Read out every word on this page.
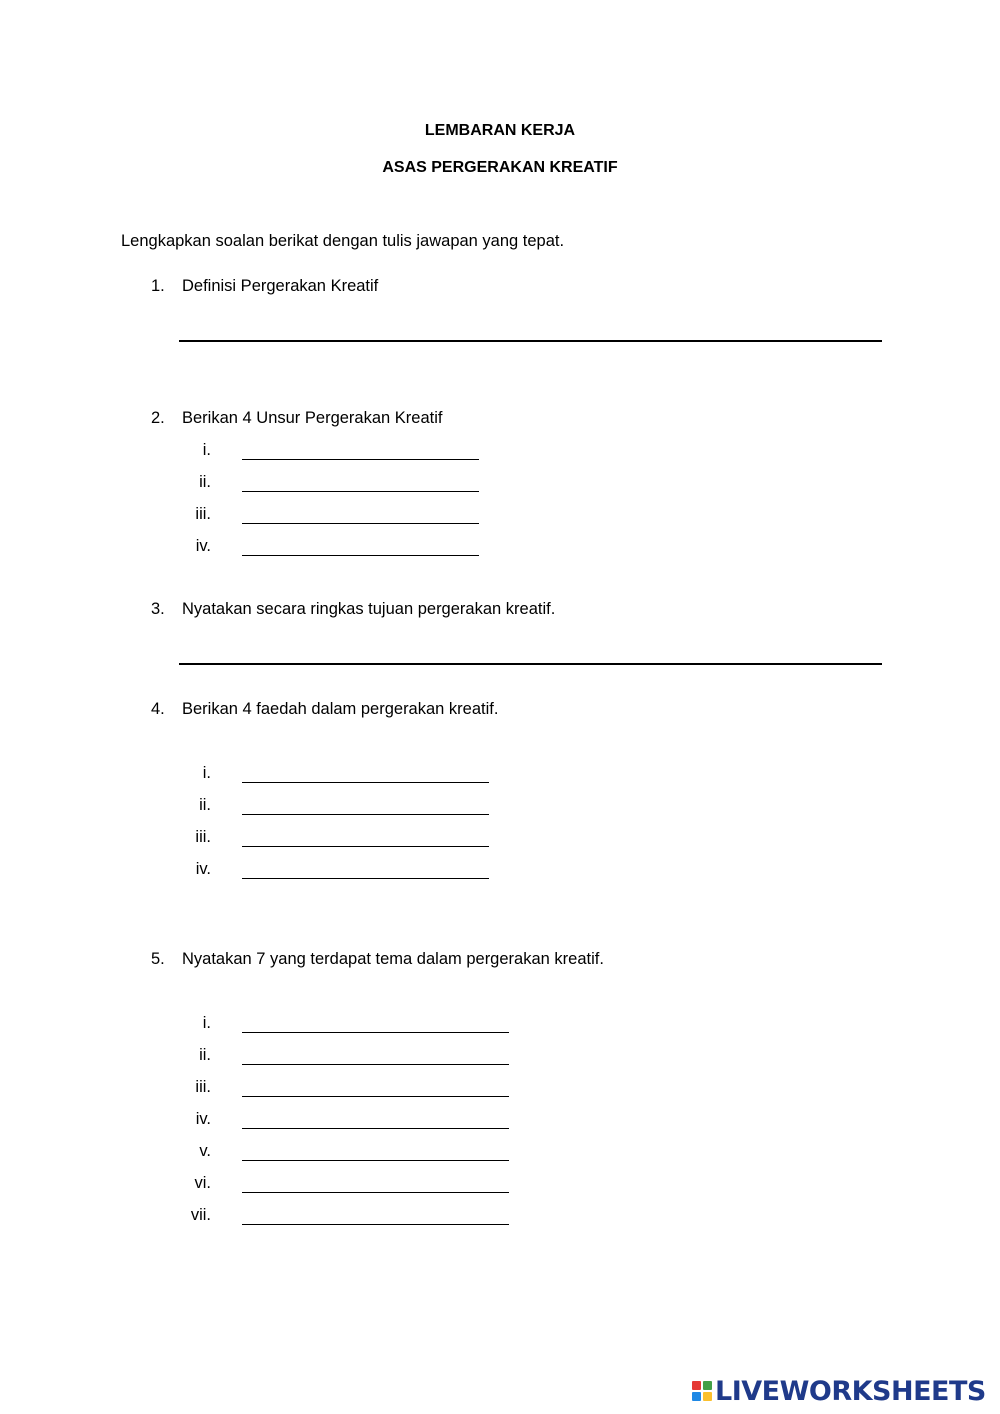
LEMBARAN KERJA
ASAS PERGERAKAN KREATIF
Lengkapkan soalan berikat dengan tulis jawapan yang tepat.
1. Definisi Pergerakan Kreatif
2. Berikan 4 Unsur Pergerakan Kreatif
i.
ii.
iii.
iv.
3. Nyatakan secara ringkas tujuan pergerakan kreatif.
4. Berikan 4 faedah dalam pergerakan kreatif.
i.
ii.
iii.
iv.
5. Nyatakan 7 yang terdapat tema dalam pergerakan kreatif.
i.
ii.
iii.
iv.
v.
vi.
vii.
LIVEWORKSHEETS
